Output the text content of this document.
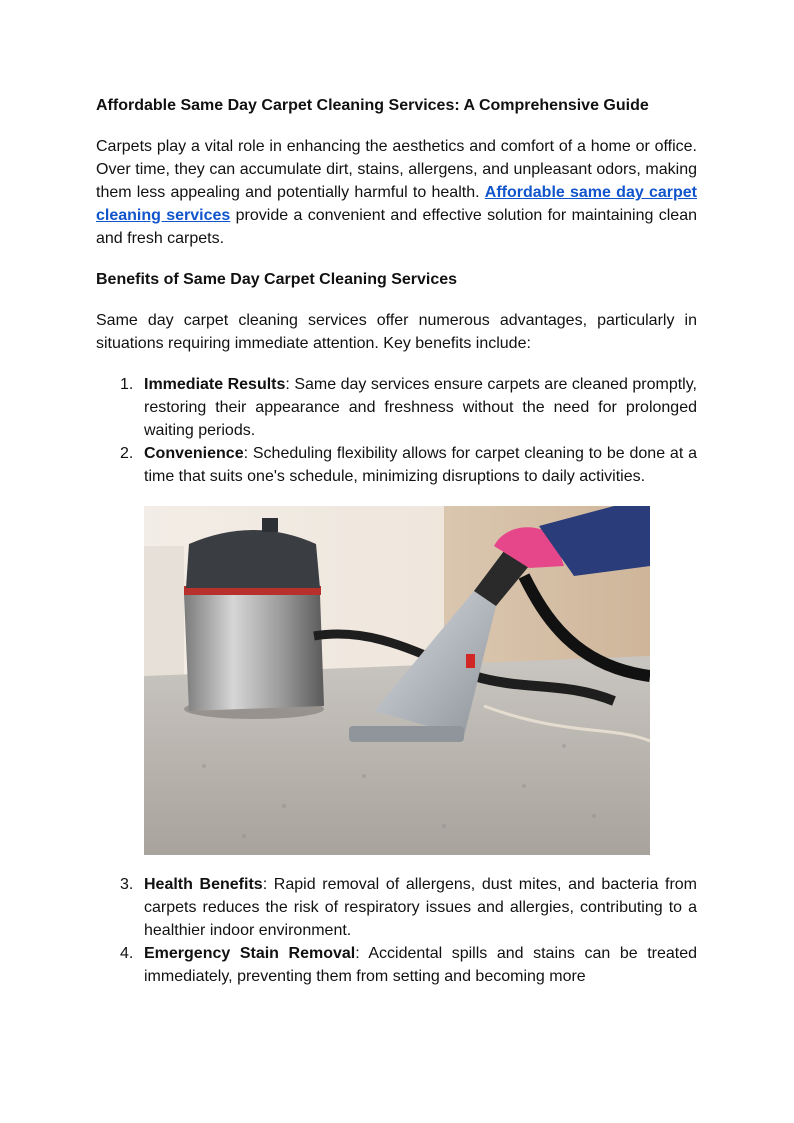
Affordable Same Day Carpet Cleaning Services: A Comprehensive Guide

Carpets play a vital role in enhancing the aesthetics and comfort of a home or office. Over time, they can accumulate dirt, stains, allergens, and unpleasant odors, making them less appealing and potentially harmful to health. Affordable same day carpet cleaning services provide a convenient and effective solution for maintaining clean and fresh carpets.

Benefits of Same Day Carpet Cleaning Services

Same day carpet cleaning services offer numerous advantages, particularly in situations requiring immediate attention. Key benefits include:

1. Immediate Results: Same day services ensure carpets are cleaned promptly, restoring their appearance and freshness without the need for prolonged waiting periods.
2. Convenience: Scheduling flexibility allows for carpet cleaning to be done at a time that suits one's schedule, minimizing disruptions to daily activities.
3. Health Benefits: Rapid removal of allergens, dust mites, and bacteria from carpets reduces the risk of respiratory issues and allergies, contributing to a healthier indoor environment.
4. Emergency Stain Removal: Accidental spills and stains can be treated immediately, preventing them from setting and becoming more
